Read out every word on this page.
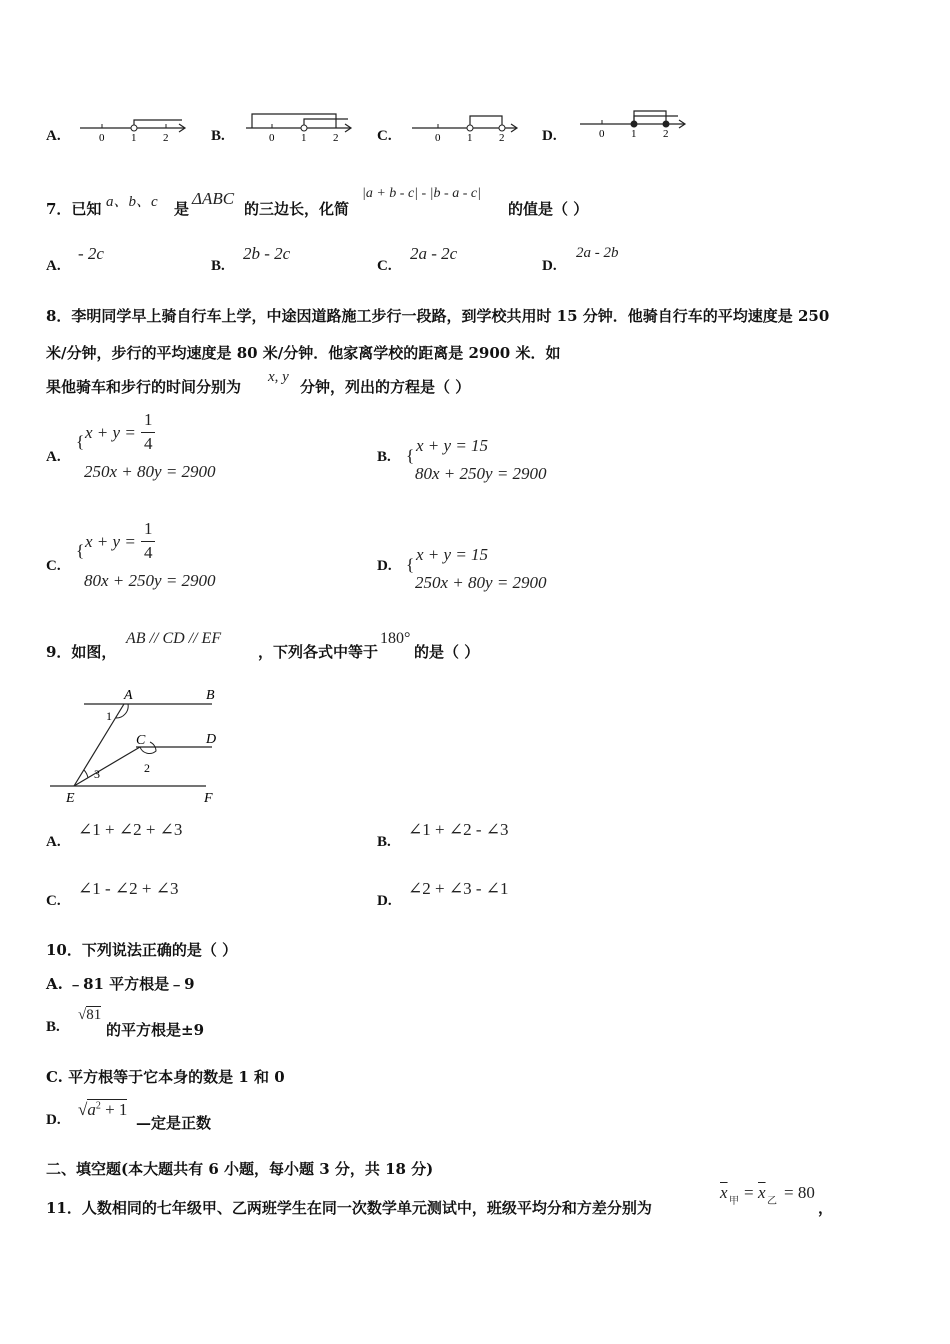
A.	0 1 2	B.	0 1 2	C.	0 1 2	D.	0 1 2
7．已知 a、b、c 是
ΔABC
的三边长，化简
|a + b - c| - |b - a - c|
的值是（ ）
A.
- 2c
B.
2b - 2c
C.
2a - 2c
D.
2a - 2b
8．李明同学早上骑自行车上学，中途因道路施工步行一段路，到学校共用时 15 分钟．他骑自行车的平均速度是 250
米/分钟，步行的平均速度是 80 米/分钟．他家离学校的距离是 2900 米．如
果他骑车和步行的时间分别为
x, y
分钟，列出的方程是（ ）
A.
{ x + y =
1
4
250x + 80y = 2900
B. {
x + y = 15
80x + 250y = 2900
C.
{ x + y =
1
4
80x + 250y = 2900
D. {
x + y = 15
250x + 80y = 2900
9．如图，
AB // CD // EF
，下列各式中等于
180°
的是（ ）
A	B
C	D
E	F
1
2
3
A.
∠1 + ∠2 + ∠3
B.
∠1 + ∠2 - ∠3
C.
∠1 - ∠2 + ∠3
D.
∠2 + ∠3 - ∠1
10．下列说法正确的是（ ）
A. ﹣81 平方根是﹣9
B.
√81
的平方根是±9
C. 平方根等于它本身的数是 1 和 0
D.
$√a^2 + 1$
—定是正数
二、填空题(本大题共有 6 小题，每小题 3 分，共 18 分)
11．人数相同的七年级甲、乙两班学生在同一次数学单元测试中，班级平均分和方差分别为
$\overline{x}$ 甲 = $\overline{x}$ 乙 = 80
，
